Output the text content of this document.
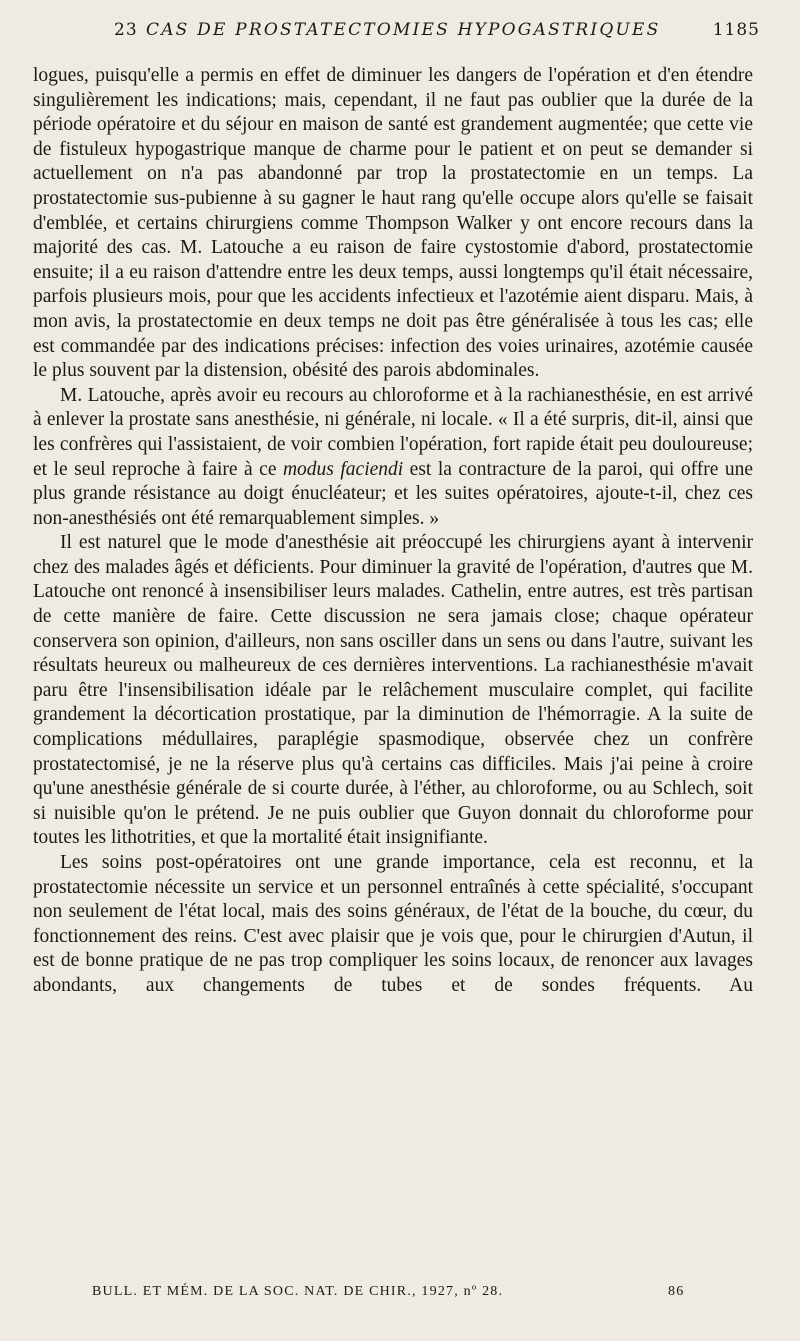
23 CAS DE PROSTATECTOMIES HYPOGASTRIQUES	1185

logues, puisqu'elle a permis en effet de diminuer les dangers de l'opération et d'en étendre singulièrement les indications; mais, cependant, il ne faut pas oublier que la durée de la période opératoire et du séjour en maison de santé est grandement augmentée; que cette vie de fistuleux hypogastrique manque de charme pour le patient et on peut se demander si actuellement on n'a pas abandonné par trop la prostatectomie en un temps. La prostatectomie sus-pubienne à su gagner le haut rang qu'elle occupe alors qu'elle se faisait d'emblée, et certains chirurgiens comme Thompson Walker y ont encore recours dans la majorité des cas. M. Latouche a eu raison de faire cystostomie d'abord, prostatectomie ensuite; il a eu raison d'attendre entre les deux temps, aussi longtemps qu'il était nécessaire, parfois plusieurs mois, pour que les accidents infectieux et l'azotémie aient disparu. Mais, à mon avis, la prostatectomie en deux temps ne doit pas être généralisée à tous les cas; elle est commandée par des indications précises: infection des voies urinaires, azotémie causée le plus souvent par la distension, obésité des parois abdominales.

M. Latouche, après avoir eu recours au chloroforme et à la rachianesthésie, en est arrivé à enlever la prostate sans anesthésie, ni générale, ni locale. « Il a été surpris, dit-il, ainsi que les confrères qui l'assistaient, de voir combien l'opération, fort rapide était peu douloureuse; et le seul reproche à faire à ce modus faciendi est la contracture de la paroi, qui offre une plus grande résistance au doigt énucléateur; et les suites opératoires, ajoute-t-il, chez ces non-anesthésiés ont été remarquablement simples. »

Il est naturel que le mode d'anesthésie ait préoccupé les chirurgiens ayant à intervenir chez des malades âgés et déficients. Pour diminuer la gravité de l'opération, d'autres que M. Latouche ont renoncé à insensibiliser leurs malades. Cathelin, entre autres, est très partisan de cette manière de faire. Cette discussion ne sera jamais close; chaque opérateur conservera son opinion, d'ailleurs, non sans osciller dans un sens ou dans l'autre, suivant les résultats heureux ou malheureux de ces dernières interventions. La rachianesthésie m'avait paru être l'insensibilisation idéale par le relâchement musculaire complet, qui facilite grandement la décortication prostatique, par la diminution de l'hémorragie. A la suite de complications médullaires, paraplégie spasmodique, observée chez un confrère prostatectomisé, je ne la réserve plus qu'à certains cas difficiles. Mais j'ai peine à croire qu'une anesthésie générale de si courte durée, à l'éther, au chloroforme, ou au Schlech, soit si nuisible qu'on le prétend. Je ne puis oublier que Guyon donnait du chloroforme pour toutes les lithotrities, et que la mortalité était insignifiante.

Les soins post-opératoires ont une grande importance, cela est reconnu, et la prostatectomie nécessite un service et un personnel entraînés à cette spécialité, s'occupant non seulement de l'état local, mais des soins généraux, de l'état de la bouche, du cœur, du fonctionnement des reins. C'est avec plaisir que je vois que, pour le chirurgien d'Autun, il est de bonne pratique de ne pas trop compliquer les soins locaux, de renoncer aux lavages abondants, aux changements de tubes et de sondes fréquents. Au

BULL. ET MÉM. DE LA SOC. NAT. DE CHIR., 1927, nº 28.	86
